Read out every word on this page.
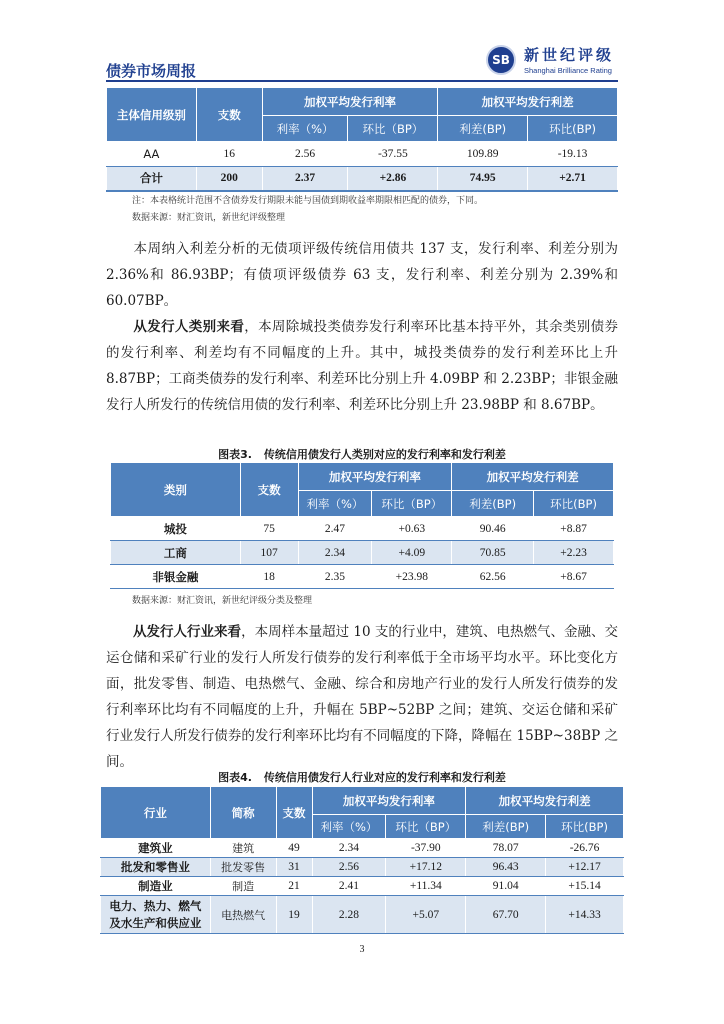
债券市场周报
SB 新世纪评级
Shanghai Brilliance Rating
主体信用级别	支数	加权平均发行利率		加权平均发行利差	
		利率（%）	环比（BP）	利差(BP)	环比(BP)
AA	16	2.56	-37.55	109.89	-19.13
合计	200	2.37	+2.86	74.95	+2.71
注：本表格统计范围不含债券发行期限未能与国债到期收益率期限相匹配的债券，下同。
数据来源：财汇资讯，新世纪评级整理
本周纳入利差分析的无债项评级传统信用债共 137 支，发行利率、利差分别为 2.36%和 86.93BP；有债项评级债券 63 支，发行利率、利差分别为 2.39%和 60.07BP。
从发行人类别来看，本周除城投类债券发行利率环比基本持平外，其余类别债券的发行利率、利差均有不同幅度的上升。其中，城投类债券的发行利差环比上升 8.87BP；工商类债券的发行利率、利差环比分别上升 4.09BP 和 2.23BP；非银金融发行人所发行的传统信用债的发行利率、利差环比分别上升 23.98BP 和 8.67BP。
图表3. 传统信用债发行人类别对应的发行利率和发行利差
类别	支数	加权平均发行利率		加权平均发行利差	
		利率（%）	环比（BP）	利差(BP)	环比(BP)
城投	75	2.47	+0.63	90.46	+8.87
工商	107	2.34	+4.09	70.85	+2.23
非银金融	18	2.35	+23.98	62.56	+8.67
数据来源：财汇资讯，新世纪评级分类及整理
从发行人行业来看，本周样本量超过 10 支的行业中，建筑、电热燃气、金融、交运仓储和采矿行业的发行人所发行债券的发行利率低于全市场平均水平。环比变化方面，批发零售、制造、电热燃气、金融、综合和房地产行业的发行人所发行债券的发行利率环比均有不同幅度的上升，升幅在 5BP~52BP 之间；建筑、交运仓储和采矿行业发行人所发行债券的发行利率环比均有不同幅度的下降，降幅在 15BP~38BP 之间。
图表4. 传统信用债发行人行业对应的发行利率和发行利差
行业	简称	支数	加权平均发行利率		加权平均发行利差	
			利率（%）	环比（BP）	利差(BP)	环比(BP)
建筑业	建筑	49	2.34	-37.90	78.07	-26.76
批发和零售业	批发零售	31	2.56	+17.12	96.43	+12.17
制造业	制造	21	2.41	+11.34	91.04	+15.14
电力、热力、燃气及水生产和供应业	电热燃气	19	2.28	+5.07	67.70	+14.33
3
